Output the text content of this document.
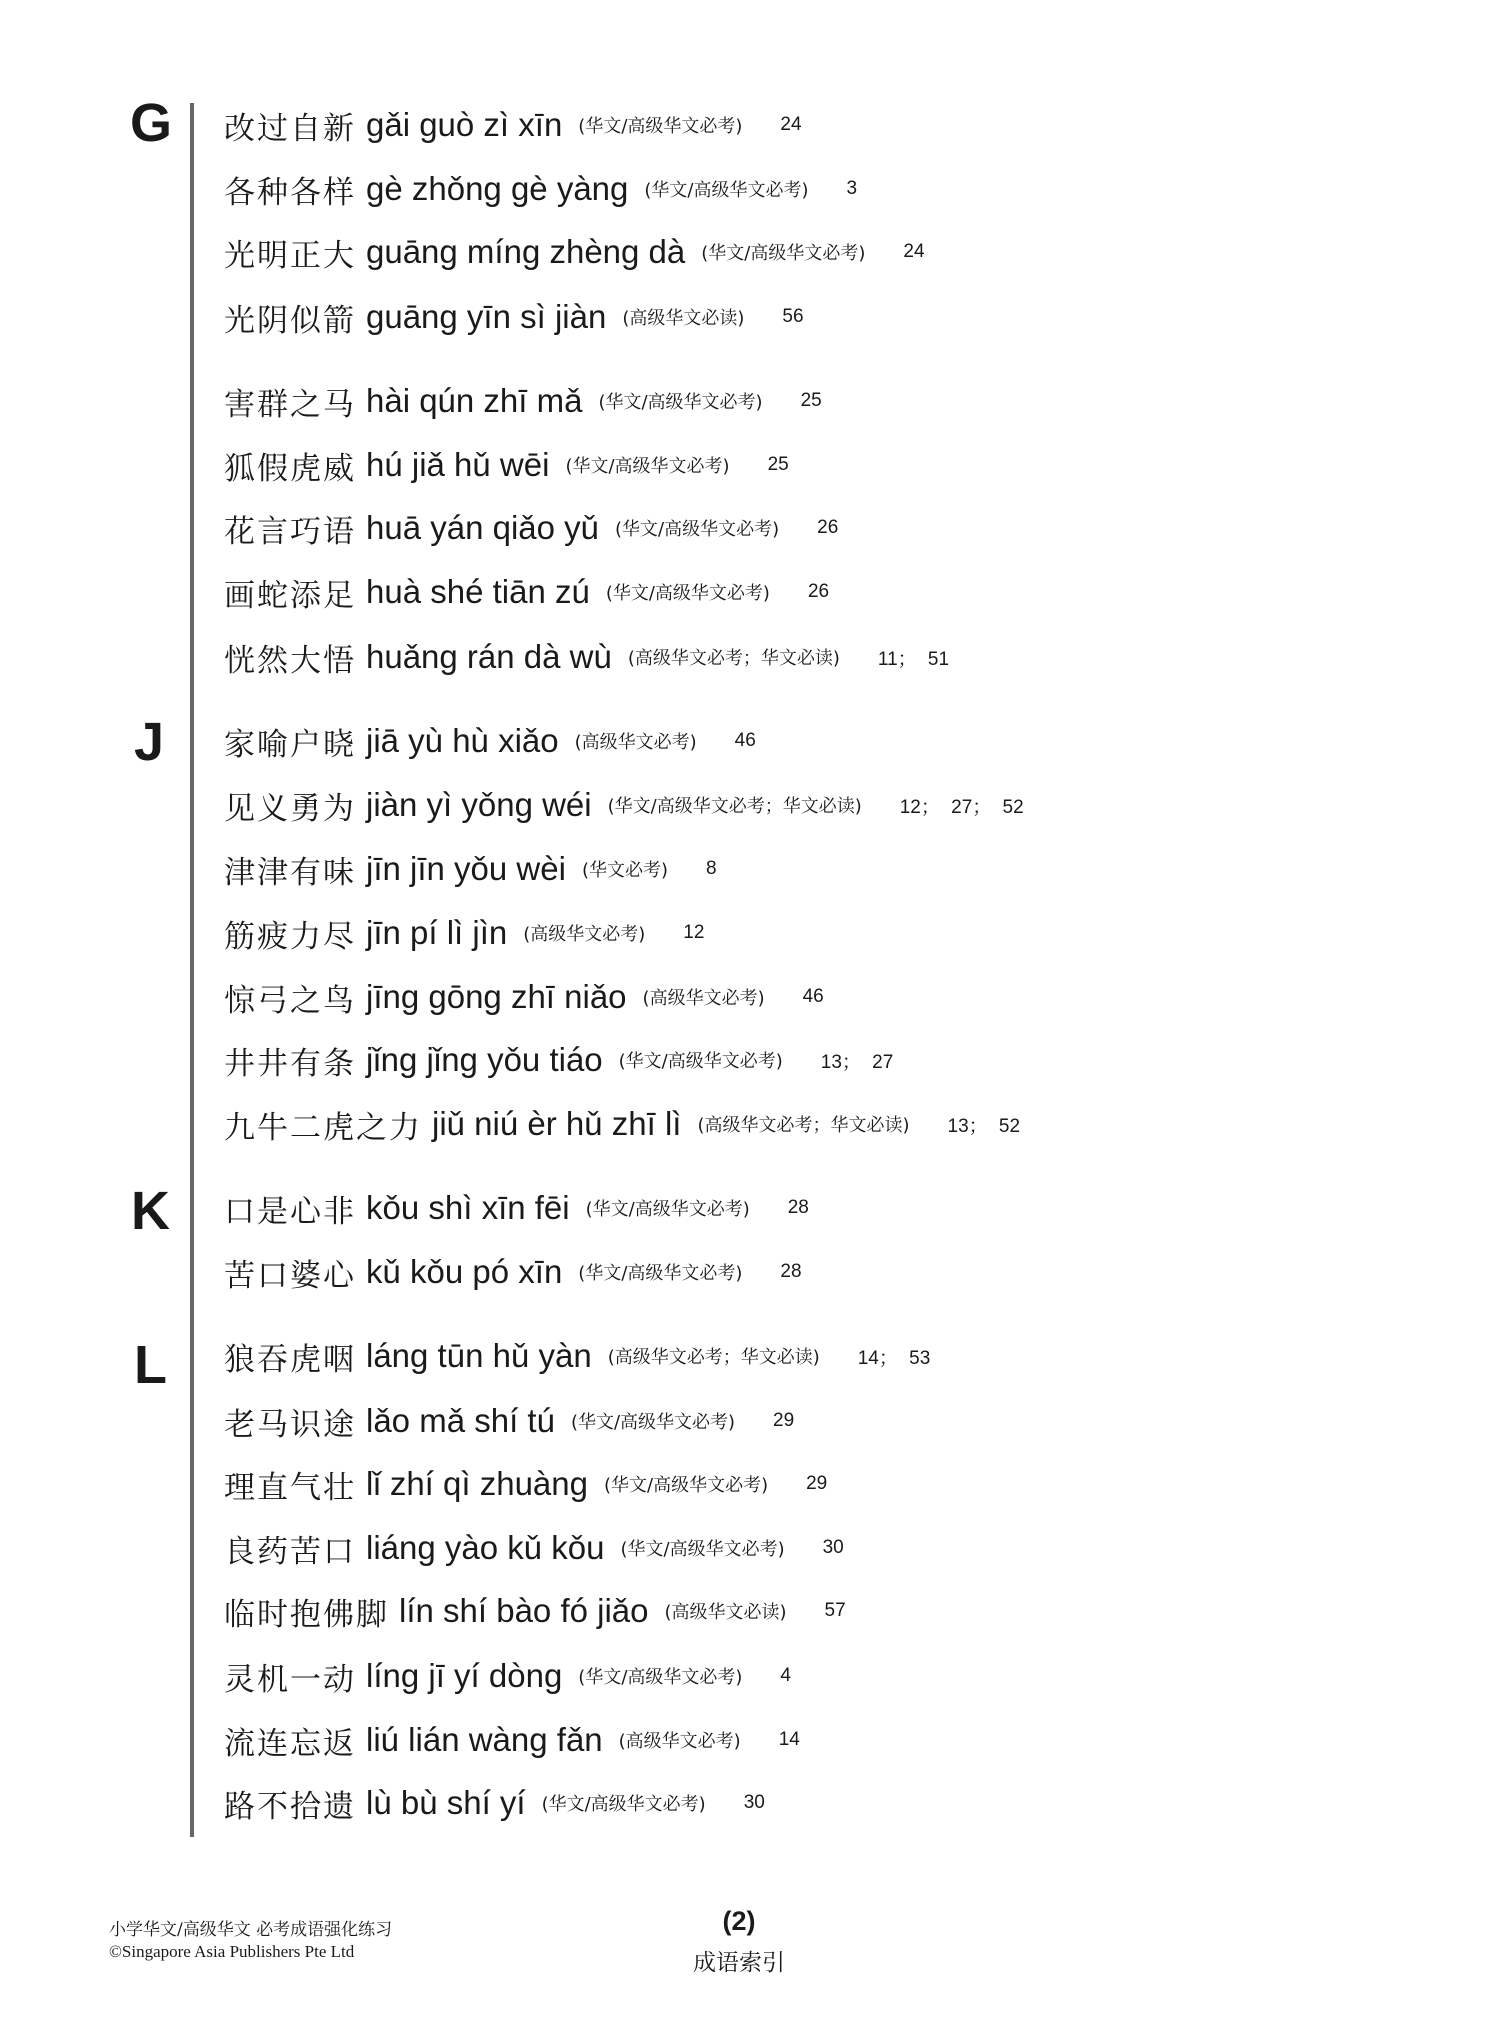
G
J
K
L
改过自新 gǎi guò zì xīn (华文/高级华文必考) 24
各种各样 gè zhǒng gè yàng (华文/高级华文必考) 3
光明正大 guāng míng zhèng dà (华文/高级华文必考) 24
光阴似箭 guāng yīn sì jiàn (高级华文必读) 56
害群之马 hài qún zhī mǎ (华文/高级华文必考) 25
狐假虎威 hú jiǎ hǔ wēi (华文/高级华文必考) 25
花言巧语 huā yán qiǎo yǔ (华文/高级华文必考) 26
画蛇添足 huà shé tiān zú (华文/高级华文必考) 26
恍然大悟 huǎng rán dà wù (高级华文必考；华文必读) 11； 51
家喻户晓 jiā yù hù xiǎo (高级华文必考) 46
见义勇为 jiàn yì yǒng wéi (华文/高级华文必考；华文必读) 12； 27； 52
津津有味 jīn jīn yǒu wèi (华文必考) 8
筋疲力尽 jīn pí lì jìn (高级华文必考) 12
惊弓之鸟 jīng gōng zhī niǎo (高级华文必考) 46
井井有条 jǐng jǐng yǒu tiáo (华文/高级华文必考) 13； 27
九牛二虎之力 jiǔ niú èr hǔ zhī lì (高级华文必考；华文必读) 13； 52
口是心非 kǒu shì xīn fēi (华文/高级华文必考) 28
苦口婆心 kǔ kǒu pó xīn (华文/高级华文必考) 28
狼吞虎咽 láng tūn hǔ yàn (高级华文必考；华文必读) 14； 53
老马识途 lǎo mǎ shí tú (华文/高级华文必考) 29
理直气壮 lǐ zhí qì zhuàng (华文/高级华文必考) 29
良药苦口 liáng yào kǔ kǒu (华文/高级华文必考) 30
临时抱佛脚 lín shí bào fó jiǎo (高级华文必读) 57
灵机一动 líng jī yí dòng (华文/高级华文必考) 4
流连忘返 liú lián wàng fǎn (高级华文必考) 14
路不拾遗 lù bù shí yí (华文/高级华文必考) 30
小学华文/高级华文 必考成语强化练习
©Singapore Asia Publishers Pte Ltd
(2)
成语索引
